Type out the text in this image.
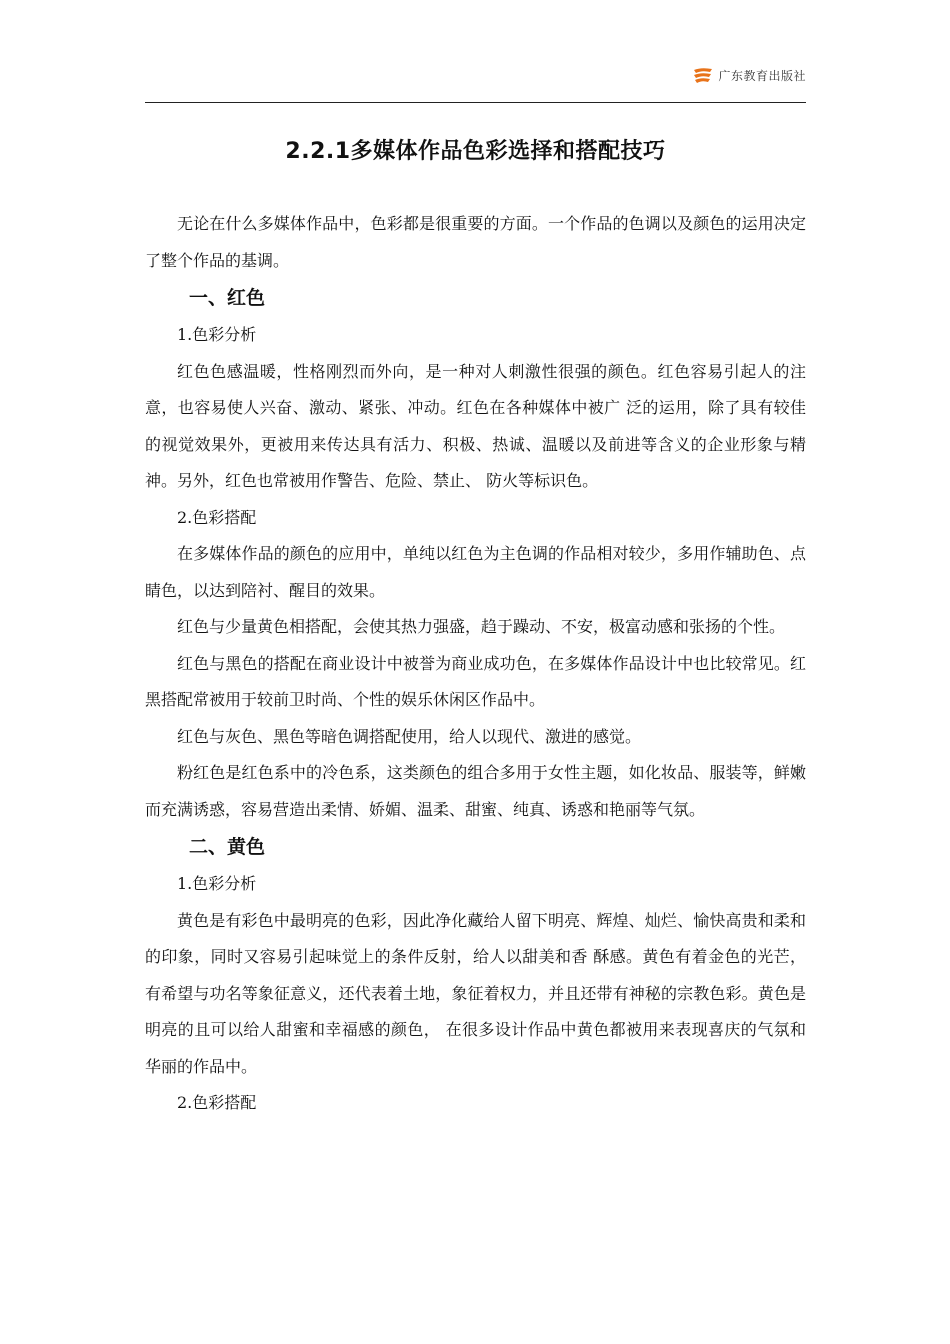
广东教育出版社
2.2.1多媒体作品色彩选择和搭配技巧

无论在什么多媒体作品中，色彩都是很重要的方面。一个作品的色调以及颜色的运用决定了整个作品的基调。

一、红色

1.色彩分析

红色色感温暖，性格刚烈而外向，是一种对人刺激性很强的颜色。红色容易引起人的注意，也容易使人兴奋、激动、紧张、冲动。红色在各种媒体中被广 泛的运用，除了具有较佳的视觉效果外，更被用来传达具有活力、积极、热诚、温暖以及前进等含义的企业形象与精神。另外，红色也常被用作警告、危险、禁止、 防火等标识色。

2.色彩搭配

在多媒体作品的颜色的应用中，单纯以红色为主色调的作品相对较少，多用作辅助色、点睛色，以达到陪衬、醒目的效果。

红色与少量黄色相搭配，会使其热力强盛，趋于躁动、不安，极富动感和张扬的个性。

红色与黑色的搭配在商业设计中被誉为商业成功色，在多媒体作品设计中也比较常见。红黑搭配常被用于较前卫时尚、个性的娱乐休闲区作品中。

红色与灰色、黑色等暗色调搭配使用，给人以现代、激进的感觉。

粉红色是红色系中的冷色系，这类颜色的组合多用于女性主题，如化妆品、服装等，鲜嫩而充满诱惑，容易营造出柔情、娇媚、温柔、甜蜜、纯真、诱惑和艳丽等气氛。

二、黄色

1.色彩分析

黄色是有彩色中最明亮的色彩，因此净化藏给人留下明亮、辉煌、灿烂、愉快高贵和柔和的印象，同时又容易引起味觉上的条件反射，给人以甜美和香 酥感。黄色有着金色的光芒，有希望与功名等象征意义，还代表着土地，象征着权力，并且还带有神秘的宗教色彩。黄色是明亮的且可以给人甜蜜和幸福感的颜色， 在很多设计作品中黄色都被用来表现喜庆的气氛和华丽的作品中。

2.色彩搭配
